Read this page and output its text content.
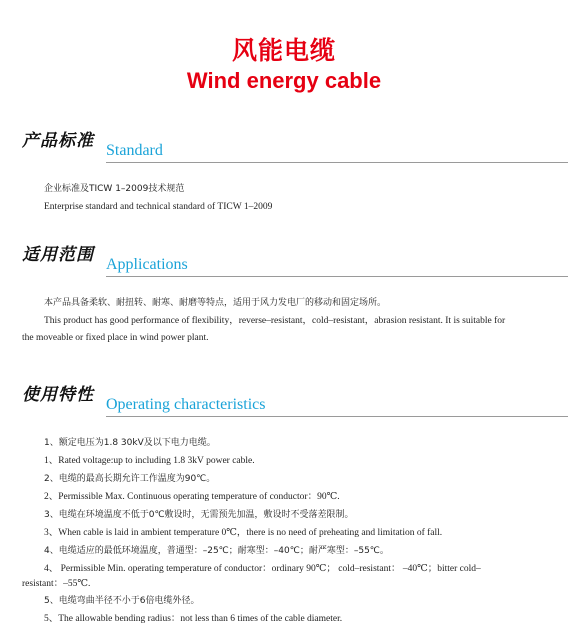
风能电缆
Wind energy cable
产品标准 Standard
企业标准及TICW 1–2009技术规范
Enterprise standard and technical standard of TICW 1–2009
适用范围 Applications
本产品具备柔软、耐扭转、耐寒、耐磨等特点，适用于风力发电厂的移动和固定场所。
This product has good performance of flexibility，reverse–resistant，cold–resistant，abrasion resistant. It is suitable for
the moveable or fixed place in wind power plant.
使用特性 Operating characteristics
1、额定电压为1.8 30kV及以下电力电缆。
1、Rated voltage:up to including 1.8 3kV power cable.
2、电缆的最高长期允许工作温度为90℃。
2、Permissible Max. Continuous operating temperature of conductor：90℃.
3、电缆在环境温度不低于0℃敷设时，无需预先加温，敷设时不受落差限制。
3、When cable is laid in ambient temperature 0℃，there is no need of preheating and limitation of fall.
4、电缆适应的最低环境温度，普通型：–25℃；耐寒型：–40℃；耐严寒型：–55℃。
4、 Permissible Min. operating temperature of conductor：ordinary 90℃； cold–resistant： –40℃；bitter cold–
resistant：–55℃.
5、电缆弯曲半径不小于6倍电缆外径。
5、The allowable bending radius：not less than 6 times of the cable diameter.
